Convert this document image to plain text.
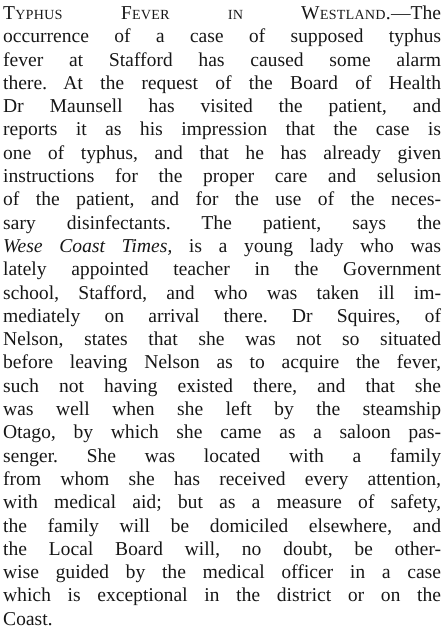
Typhus Fever in Westland.—The
occurrence of a case of supposed typhus
fever at Stafford has caused some alarm
there. At the request of the Board of Health
Dr Maunsell has visited the patient, and
reports it as his impression that the case is
one of typhus, and that he has already given
instructions for the proper care and selusion
of the patient, and for the use of the neces-
sary disinfectants. The patient, says the
Wese Coast Times, is a young lady who was
lately appointed teacher in the Government
school, Stafford, and who was taken ill im-
mediately on arrival there. Dr Squires, of
Nelson, states that she was not so situated
before leaving Nelson as to acquire the fever,
such not having existed there, and that she
was well when she left by the steamship
Otago, by which she came as a saloon pas-
senger. She was located with a family
from whom she has received every attention,
with medical aid; but as a measure of safety,
the family will be domiciled elsewhere, and
the Local Board will, no doubt, be other-
wise guided by the medical officer in a case
which is exceptional in the district or on the
Coast.
